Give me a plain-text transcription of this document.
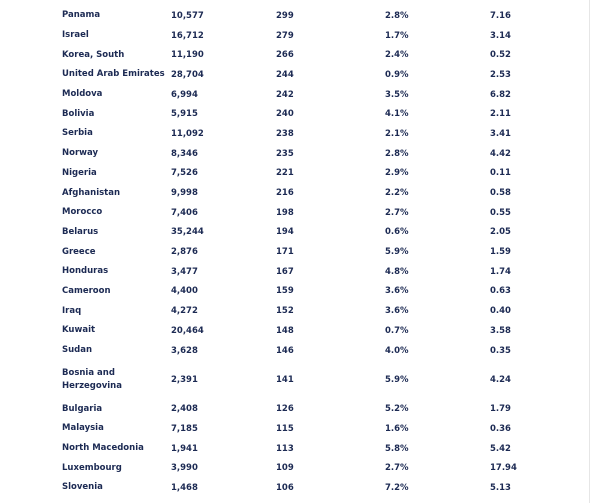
Panama	10,577	299	2.8%	7.16
Israel	16,712	279	1.7%	3.14
Korea, South	11,190	266	2.4%	0.52
United Arab Emirates	28,704	244	0.9%	2.53
Moldova	6,994	242	3.5%	6.82
Bolivia	5,915	240	4.1%	2.11
Serbia	11,092	238	2.1%	3.41
Norway	8,346	235	2.8%	4.42
Nigeria	7,526	221	2.9%	0.11
Afghanistan	9,998	216	2.2%	0.58
Morocco	7,406	198	2.7%	0.55
Belarus	35,244	194	0.6%	2.05
Greece	2,876	171	5.9%	1.59
Honduras	3,477	167	4.8%	1.74
Cameroon	4,400	159	3.6%	0.63
Iraq	4,272	152	3.6%	0.40
Kuwait	20,464	148	0.7%	3.58
Sudan	3,628	146	4.0%	0.35
Bosnia and Herzegovina	2,391	141	5.9%	4.24
Bulgaria	2,408	126	5.2%	1.79
Malaysia	7,185	115	1.6%	0.36
North Macedonia	1,941	113	5.8%	5.42
Luxembourg	3,990	109	2.7%	17.94
Slovenia	1,468	106	7.2%	5.13
